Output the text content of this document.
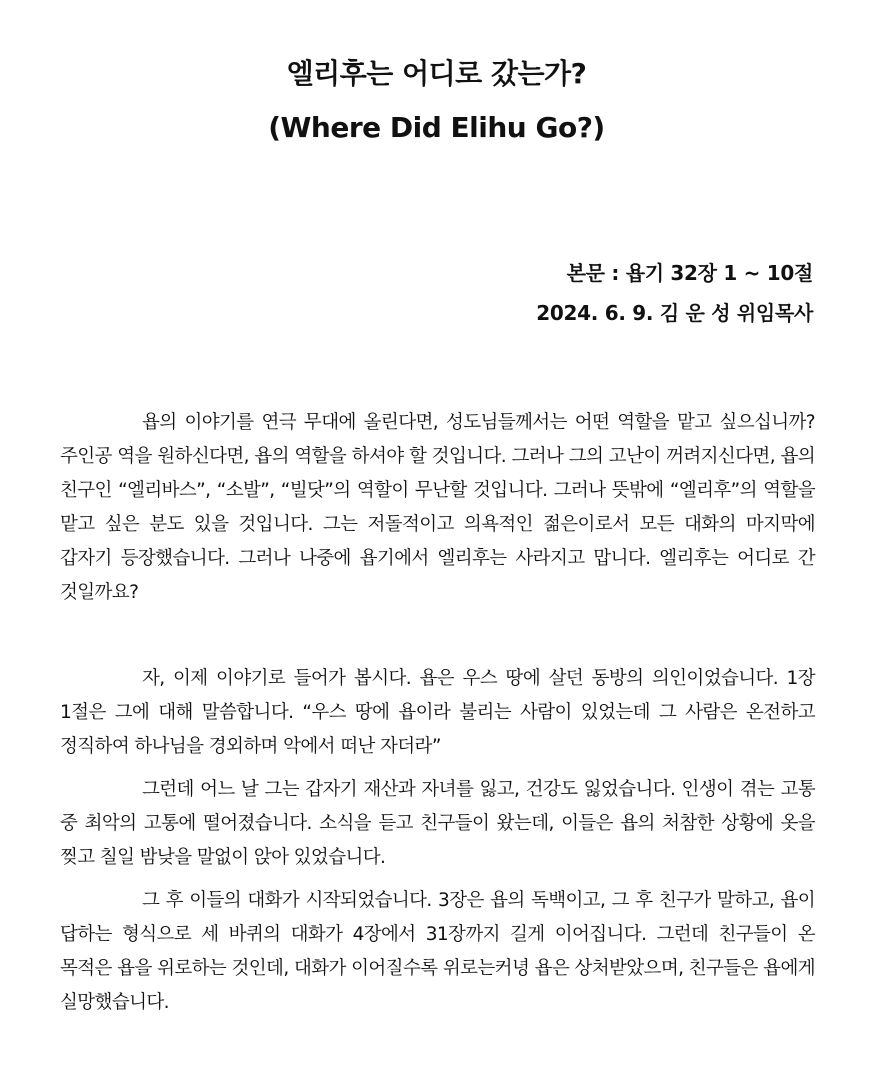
엘리후는 어디로 갔는가?
(Where Did Elihu Go?)
본문 : 욥기 32장 1 ~ 10절
2024. 6. 9. 김 운 성 위임목사
욥의 이야기를 연극 무대에 올린다면, 성도님들께서는 어떤 역할을 맡고 싶으십니까? 주인공 역을 원하신다면, 욥의 역할을 하셔야 할 것입니다. 그러나 그의 고난이 꺼려지신다면, 욥의 친구인 “엘리바스”, “소발”, “빌닷”의 역할이 무난할 것입니다. 그러나 뜻밖에 “엘리후”의 역할을 맡고 싶은 분도 있을 것입니다. 그는 저돌적이고 의욕적인 젊은이로서 모든 대화의 마지막에 갑자기 등장했습니다. 그러나 나중에 욥기에서 엘리후는 사라지고 맙니다. 엘리후는 어디로 간 것일까요?
자, 이제 이야기로 들어가 봅시다. 욥은 우스 땅에 살던 동방의 의인이었습니다. 1장 1절은 그에 대해 말씀합니다. “우스 땅에 욥이라 불리는 사람이 있었는데 그 사람은 온전하고 정직하여 하나님을 경외하며 악에서 떠난 자더라”
그런데 어느 날 그는 갑자기 재산과 자녀를 잃고, 건강도 잃었습니다. 인생이 겪는 고통 중 최악의 고통에 떨어졌습니다. 소식을 듣고 친구들이 왔는데, 이들은 욥의 처참한 상황에 옷을 찢고 칠일 밤낮을 말없이 앉아 있었습니다.
그 후 이들의 대화가 시작되었습니다. 3장은 욥의 독백이고, 그 후 친구가 말하고, 욥이 답하는 형식으로 세 바퀴의 대화가 4장에서 31장까지 길게 이어집니다. 그런데 친구들이 온 목적은 욥을 위로하는 것인데, 대화가 이어질수록 위로는커녕 욥은 상처받았으며, 친구들은 욥에게 실망했습니다.
